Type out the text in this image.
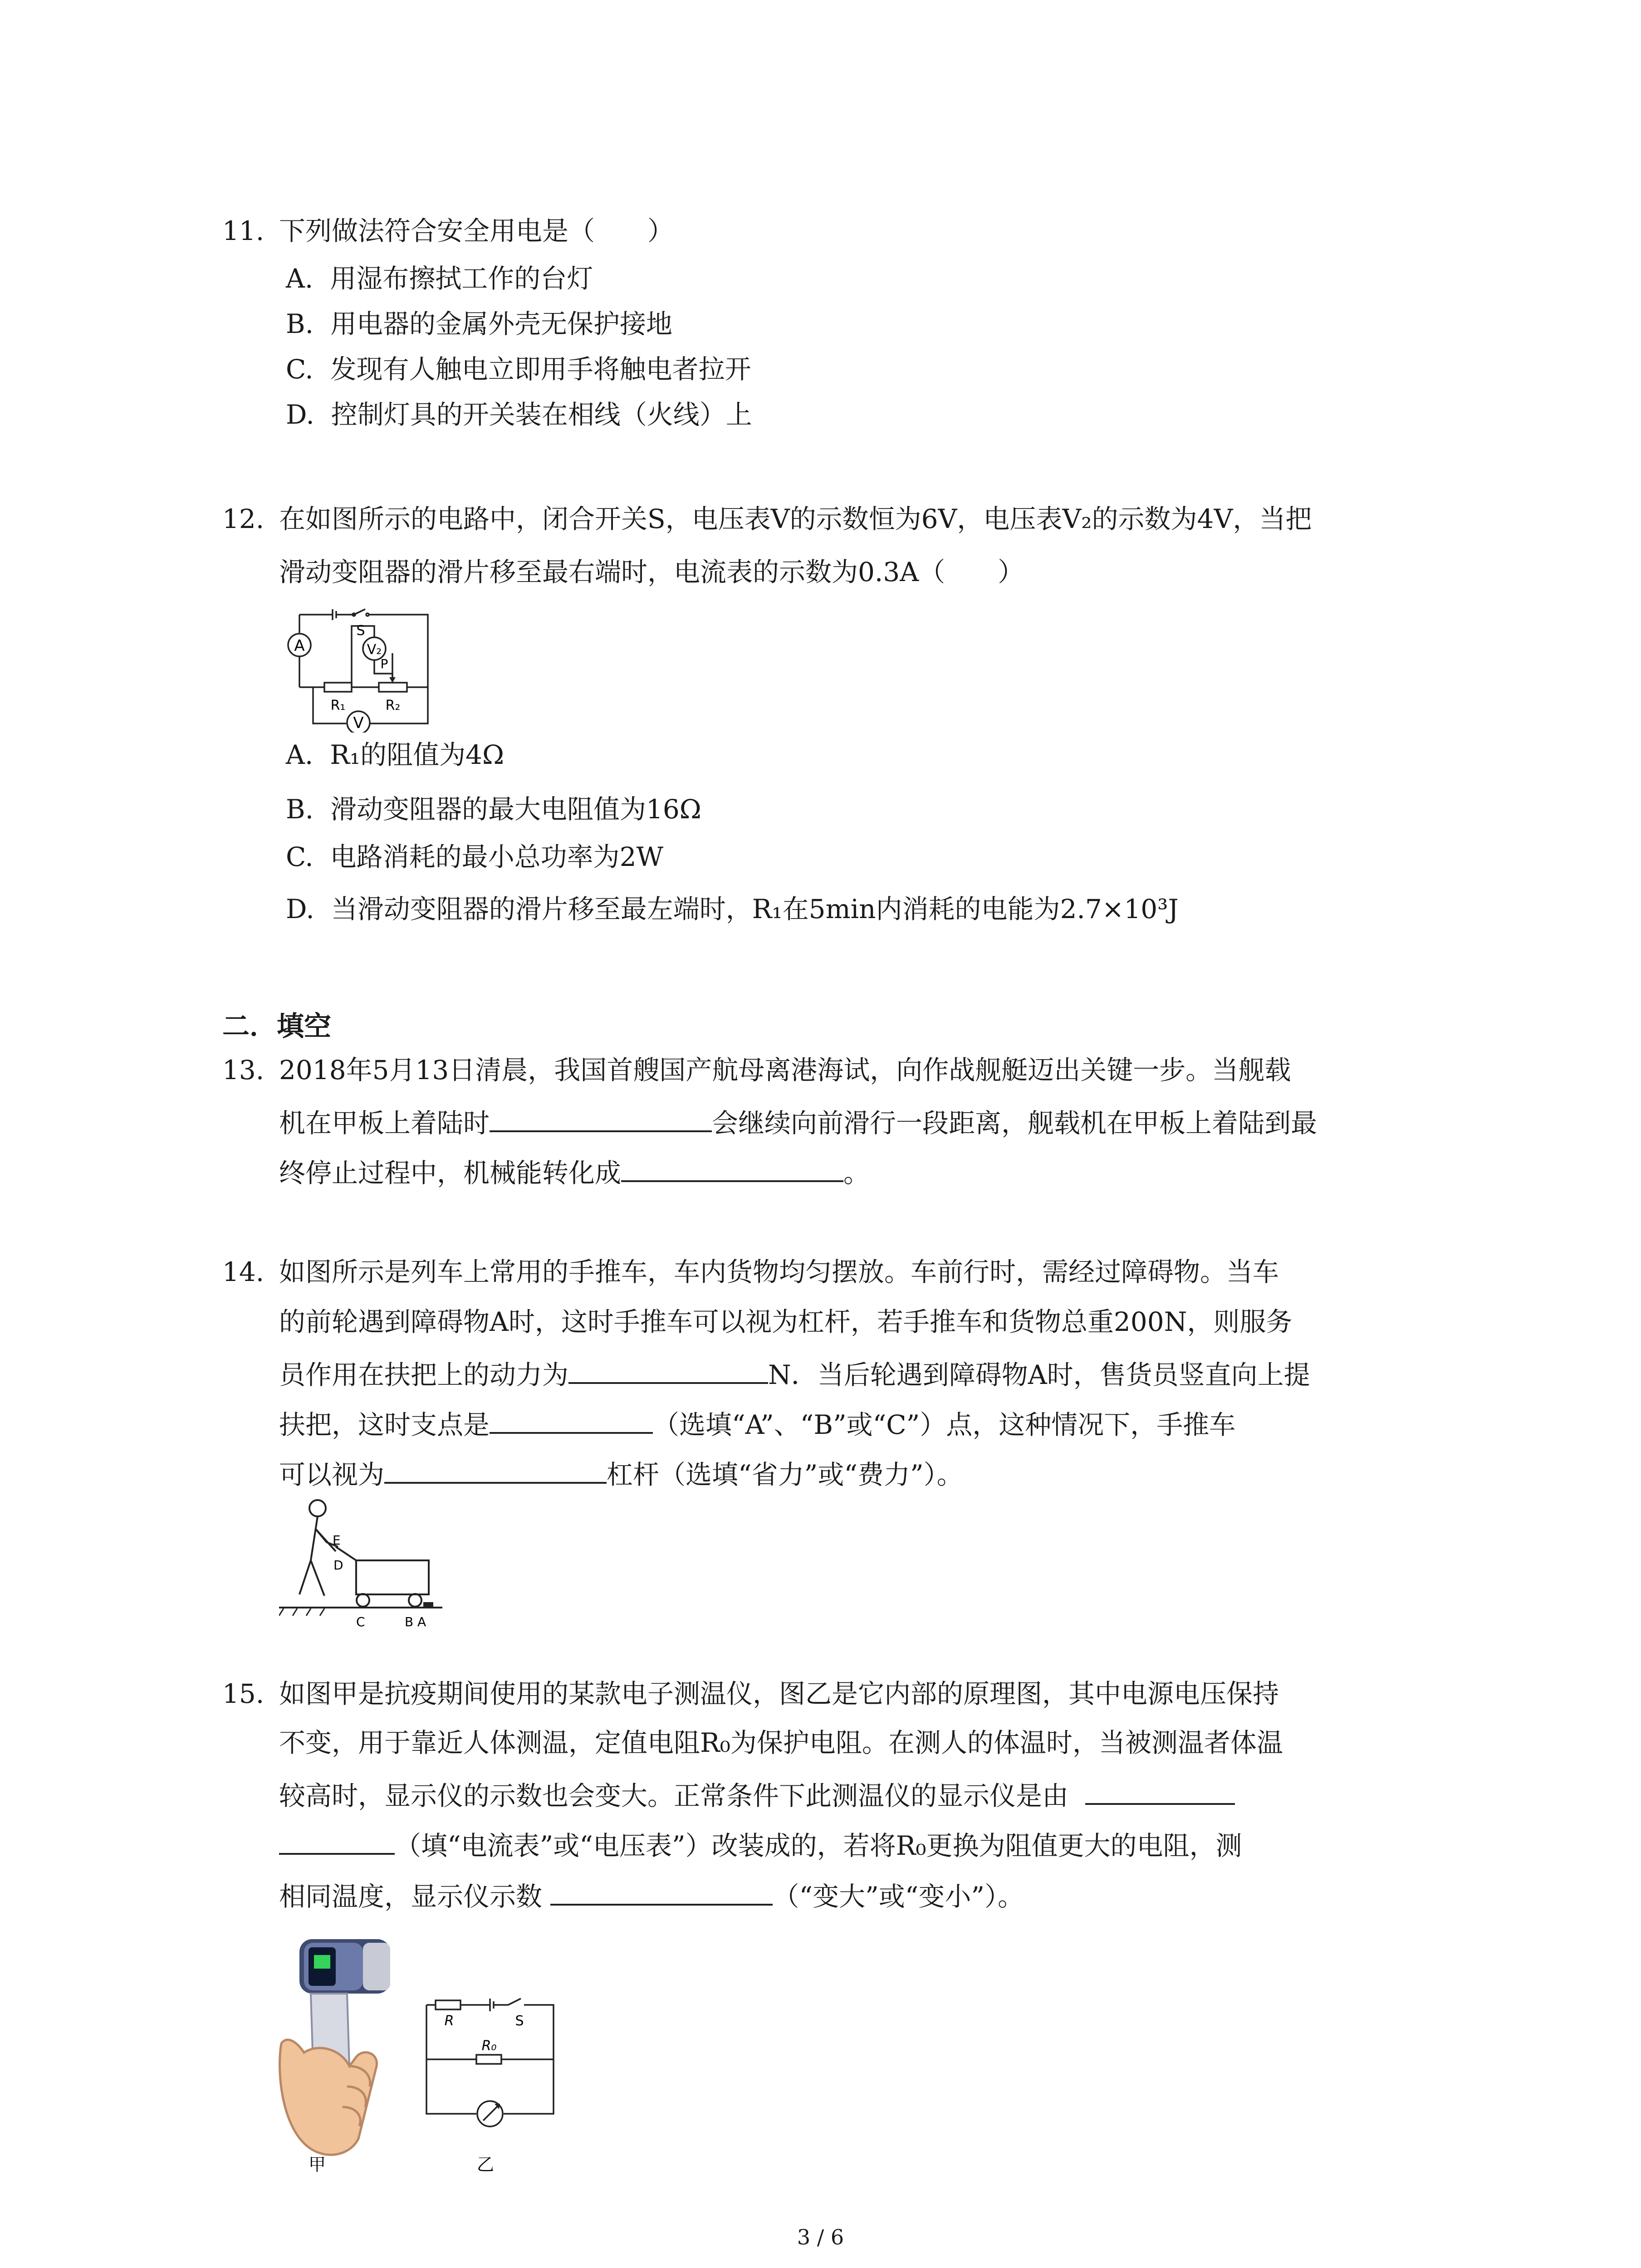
11. 下列做法符合安全用电是（　　）
A. 用湿布擦拭工作的台灯
B. 用电器的金属外壳无保护接地
C. 发现有人触电立即用手将触电者拉开
D. 控制灯具的开关装在相线（火线）上
12. 在如图所示的电路中，闭合开关S，电压表V的示数恒为6V，电压表V₂的示数为4V，当把
滑动变阻器的滑片移至最右端时，电流表的示数为0.3A（　　）
A
S
V₂
P
R₁	R₂
V
A. R₁的阻值为4Ω
B. 滑动变阻器的最大电阻值为16Ω
C. 电路消耗的最小总功率为2W
D. 当滑动变阻器的滑片移至最左端时，R₁在5min内消耗的电能为2.7×10³J
二．填空
13. 2018年5月13日清晨，我国首艘国产航母离港海试，向作战舰艇迈出关键一步。当舰载
机在甲板上着陆时	会继续向前滑行一段距离，舰载机在甲板上着陆到最
终停止过程中，机械能转化成	。
14. 如图所示是列车上常用的手推车，车内货物均匀摆放。车前行时，需经过障碍物。当车
的前轮遇到障碍物A时，这时手推车可以视为杠杆，若手推车和货物总重200N，则服务
员作用在扶把上的动力为	N．当后轮遇到障碍物A时，售货员竖直向上提
扶把，这时支点是	（选填“A”、“B”或“C”）点，这种情况下，手推车
可以视为	杠杆（选填“省力”或“费力”）。
E
D
C	B A
15. 如图甲是抗疫期间使用的某款电子测温仪，图乙是它内部的原理图，其中电源电压保持
不变，用于靠近人体测温，定值电阻R₀为保护电阻。在测人的体温时，当被测温者体温
较高时，显示仪的示数也会变大。正常条件下此测温仪的显示仪是由
（填“电流表”或“电压表”）改装成的，若将R₀更换为阻值更大的电阻，测
相同温度，显示仪示数	（“变大”或“变小”）。
甲
R	S
R₀
乙
3 / 6
